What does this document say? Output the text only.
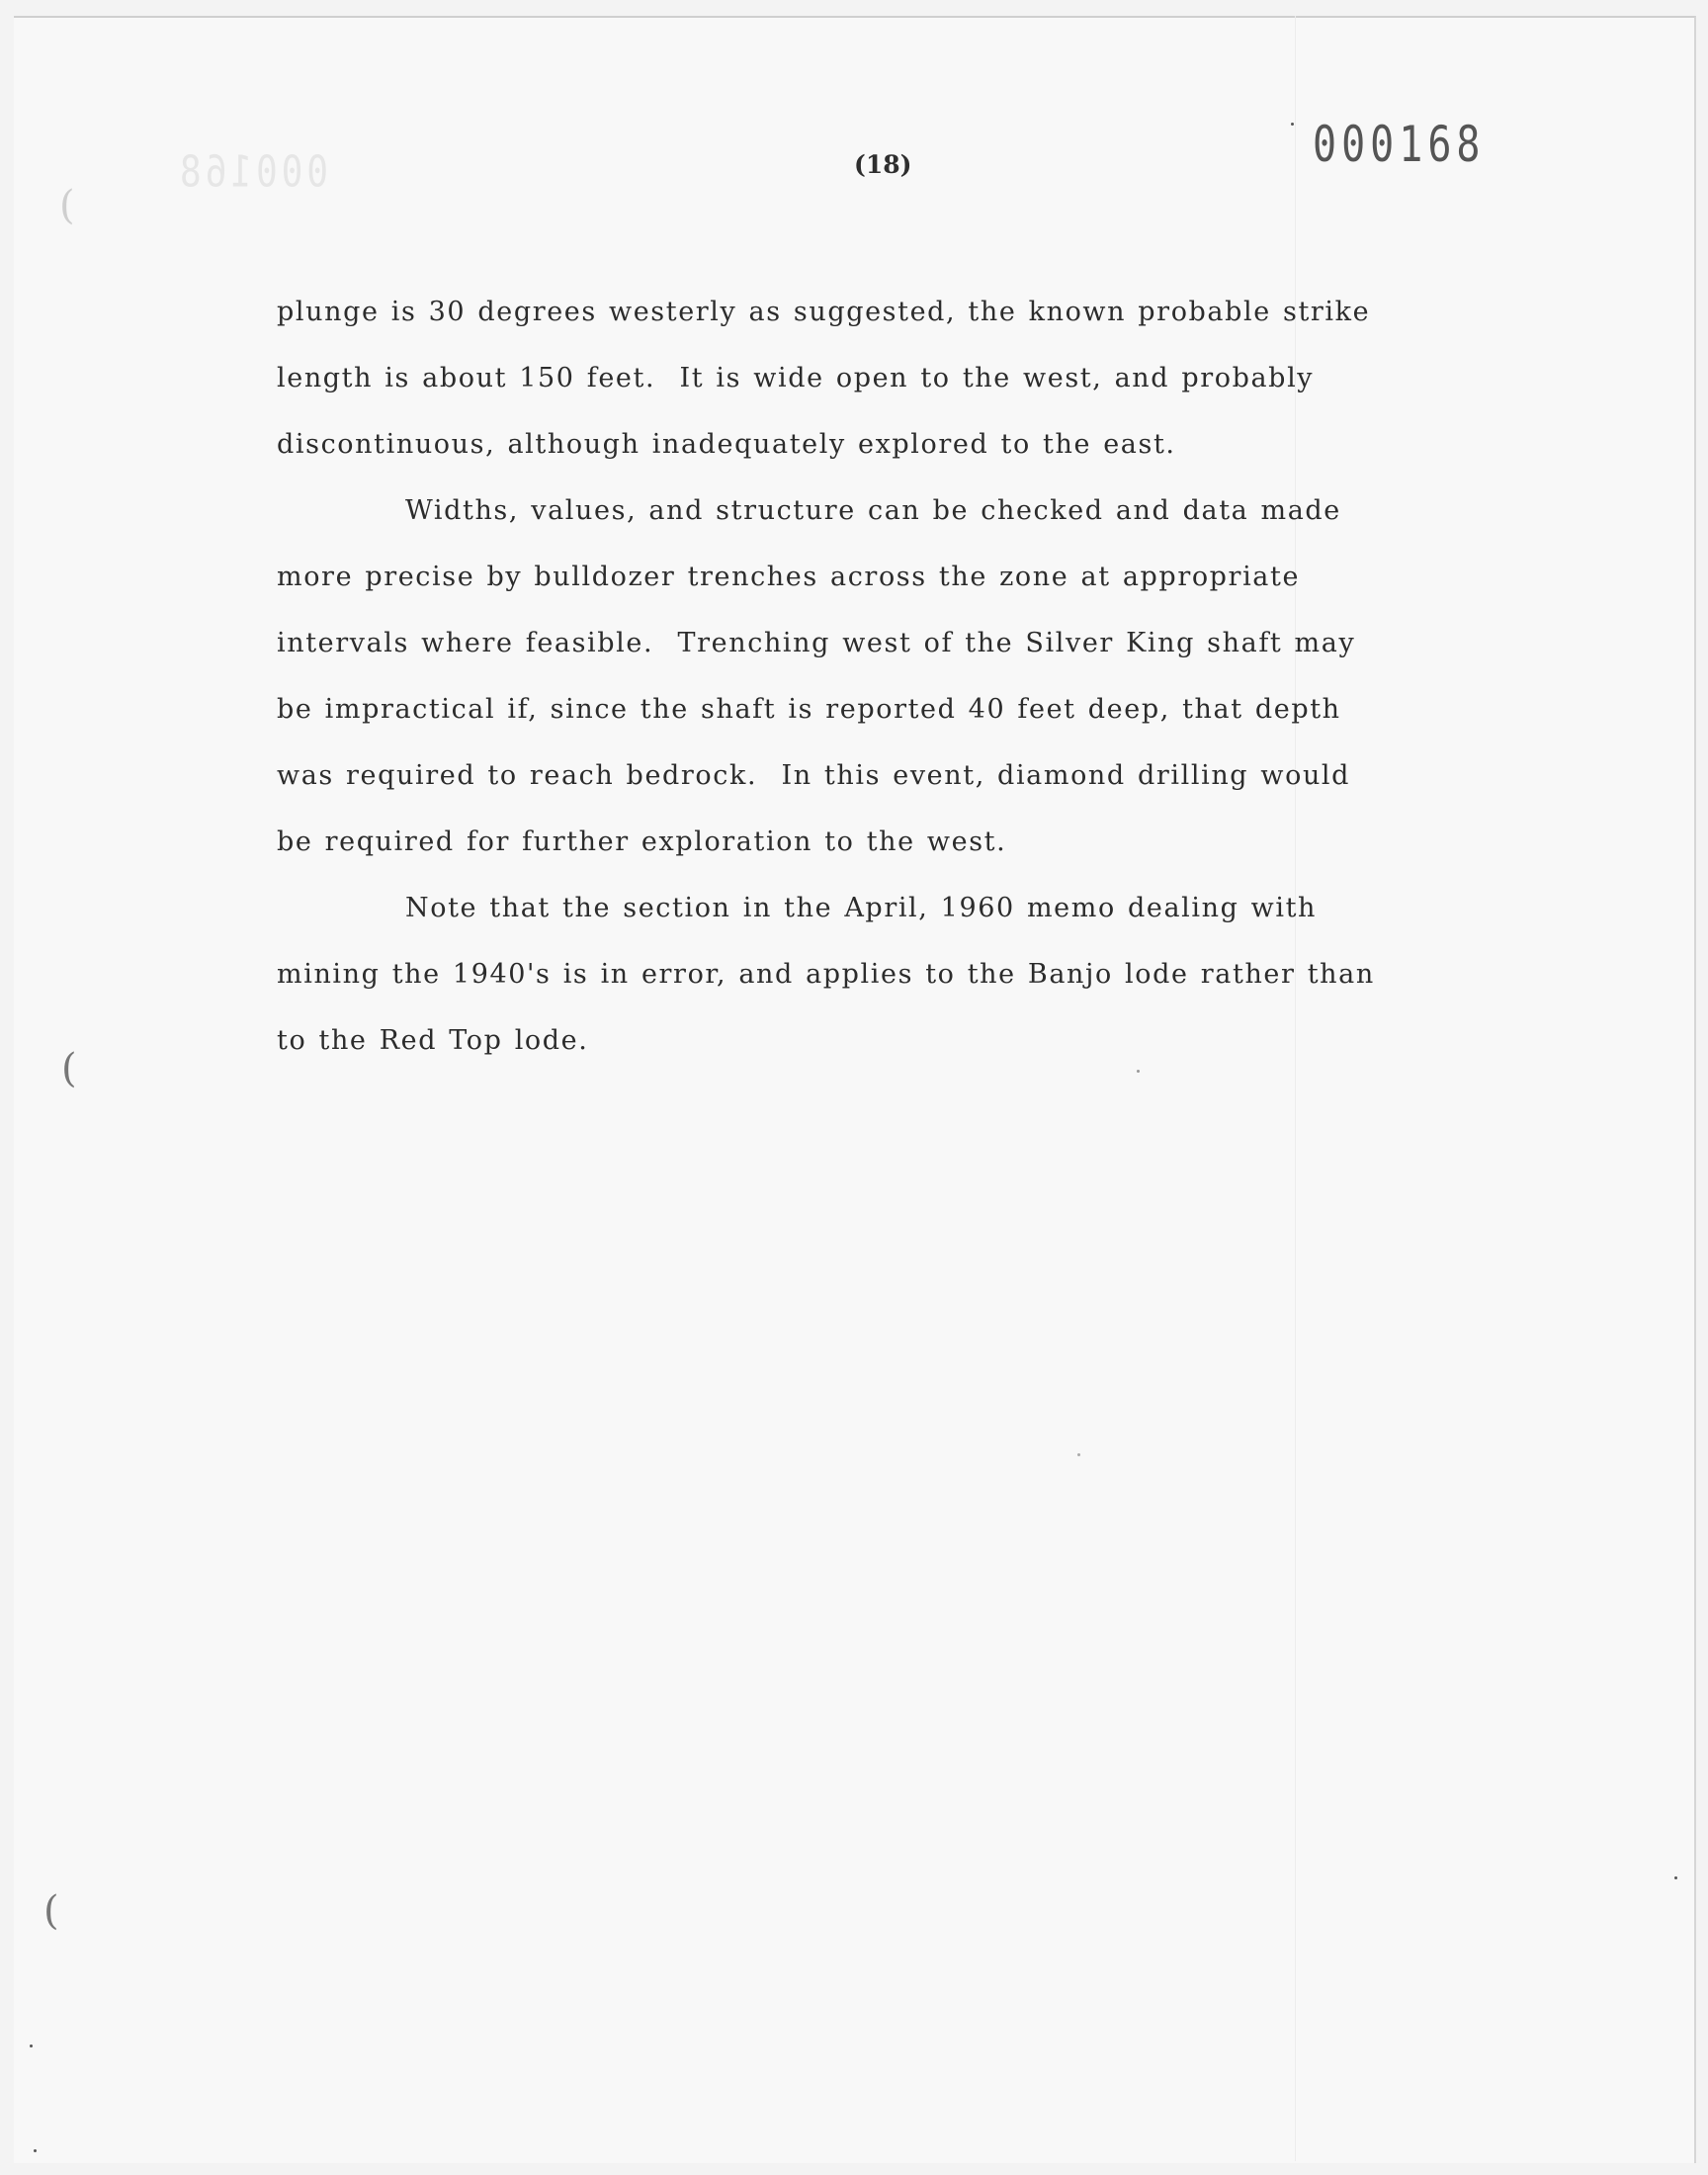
000168	(18)	000168

plunge is 30 degrees westerly as suggested, the known probable strike

length is about 150 feet.  It is wide open to the west, and probably

discontinuous, although inadequately explored to the east.

Widths, values, and structure can be checked and data made

more precise by bulldozer trenches across the zone at appropriate

intervals where feasible.  Trenching west of the Silver King shaft may

be impractical if, since the shaft is reported 40 feet deep, that depth

was required to reach bedrock.  In this event, diamond drilling would

be required for further exploration to the west.

Note that the section in the April, 1960 memo dealing with

mining the 1940's is in error, and applies to the Banjo lode rather than

to the Red Top lode.

(
(
(
